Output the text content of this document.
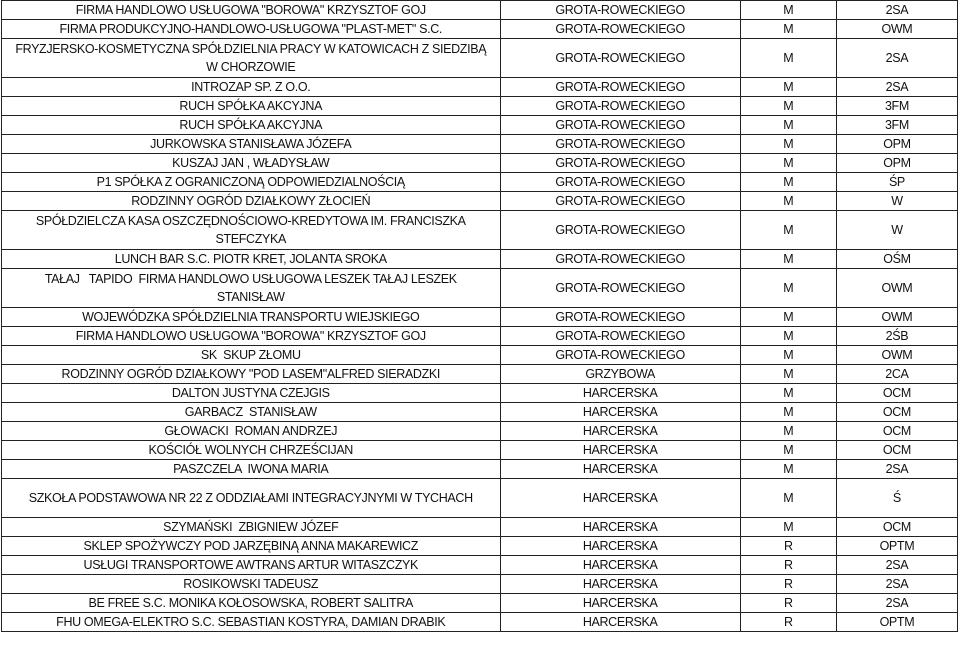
FIRMA HANDLOWO USŁUGOWA "BOROWA" KRZYSZTOF GOJ	GROTA-ROWECKIEGO	M	2SA
FIRMA PRODUKCYJNO-HANDLOWO-USŁUGOWA "PLAST-MET" S.C.	GROTA-ROWECKIEGO	M	OWM
FRYZJERSKO-KOSMETYCZNA SPÓŁDZIELNIA PRACY W KATOWICACH Z SIEDZIBĄ
W CHORZOWIE	GROTA-ROWECKIEGO	M	2SA
INTROZAP SP. Z O.O.	GROTA-ROWECKIEGO	M	2SA
RUCH SPÓŁKA AKCYJNA	GROTA-ROWECKIEGO	M	3FM
RUCH SPÓŁKA AKCYJNA	GROTA-ROWECKIEGO	M	3FM
JURKOWSKA STANISŁAWA JÓZEFA	GROTA-ROWECKIEGO	M	OPM
KUSZAJ JAN , WŁADYSŁAW	GROTA-ROWECKIEGO	M	OPM
P1 SPÓŁKA Z OGRANICZONĄ ODPOWIEDZIALNOŚCIĄ	GROTA-ROWECKIEGO	M	ŚP
RODZINNY OGRÓD DZIAŁKOWY ZŁOCIEŃ	GROTA-ROWECKIEGO	M	W
SPÓŁDZIELCZA KASA OSZCZĘDNOŚCIOWO-KREDYTOWA IM. FRANCISZKA
STEFCZYKA	GROTA-ROWECKIEGO	M	W
LUNCH BAR S.C. PIOTR KRET, JOLANTA SROKA	GROTA-ROWECKIEGO	M	OŚM
TAŁAJ   TAPIDO  FIRMA HANDLOWO USŁUGOWA LESZEK TAŁAJ LESZEK
STANISŁAW	GROTA-ROWECKIEGO	M	OWM
WOJEWÓDZKA SPÓŁDZIELNIA TRANSPORTU WIEJSKIEGO	GROTA-ROWECKIEGO	M	OWM
FIRMA HANDLOWO USŁUGOWA "BOROWA" KRZYSZTOF GOJ	GROTA-ROWECKIEGO	M	2ŚB
SK  SKUP ZŁOMU	GROTA-ROWECKIEGO	M	OWM
RODZINNY OGRÓD DZIAŁKOWY "POD LASEM"ALFRED SIERADZKI	GRZYBOWA	M	2CA
DALTON JUSTYNA CZEJGIS	HARCERSKA	M	OCM
GARBACZ  STANISŁAW	HARCERSKA	M	OCM
GŁOWACKI  ROMAN ANDRZEJ	HARCERSKA	M	OCM
KOŚCIÓŁ WOLNYCH CHRZEŚCIJAN	HARCERSKA	M	OCM
PASZCZELA  IWONA MARIA	HARCERSKA	M	2SA
SZKOŁA PODSTAWOWA NR 22 Z ODDZIAŁAMI INTEGRACYJNYMI W TYCHACH	HARCERSKA	M	Ś
SZYMAŃSKI  ZBIGNIEW JÓZEF	HARCERSKA	M	OCM
SKLEP SPOŻYWCZY POD JARZĘBINĄ ANNA MAKAREWICZ	HARCERSKA	R	OPTM
USŁUGI TRANSPORTOWE AWTRANS ARTUR WITASZCZYK	HARCERSKA	R	2SA
ROSIKOWSKI TADEUSZ	HARCERSKA	R	2SA
BE FREE S.C. MONIKA KOŁOSOWSKA, ROBERT SALITRA	HARCERSKA	R	2SA
FHU OMEGA-ELEKTRO S.C. SEBASTIAN KOSTYRA, DAMIAN DRABIK	HARCERSKA	R	OPTM
